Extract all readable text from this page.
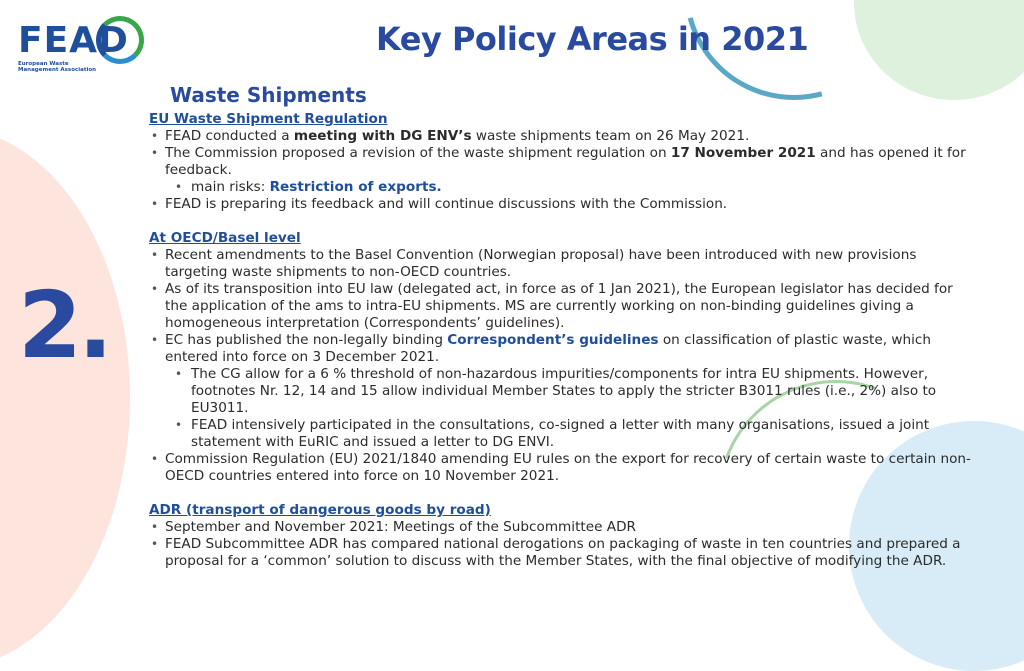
FEAD
European Waste
Management Association
Key Policy Areas in 2021
2.
Waste Shipments

EU Waste Shipment Regulation

• FEAD conducted a meeting with DG ENV’s waste shipments team on 26 May 2021.
• The Commission proposed a revision of the waste shipment regulation on 17 November 2021 and has opened it for feedback.
• main risks: Restriction of exports.
• FEAD is preparing its feedback and will continue discussions with the Commission.

At OECD/Basel level

• Recent amendments to the Basel Convention (Norwegian proposal) have been introduced with new provisions targeting waste shipments to non-OECD countries.
• As of its transposition into EU law (delegated act, in force as of 1 Jan 2021), the European legislator has decided for the application of the ams to intra-EU shipments. MS are currently working on non-binding guidelines giving a homogeneous interpretation (Correspondents’ guidelines).
• EC has published the non-legally binding Correspondent’s guidelines on classification of plastic waste, which entered into force on 3 December 2021.
• The CG allow for a 6 % threshold of non-hazardous impurities/components for intra EU shipments. However, footnotes Nr. 12, 14 and 15 allow individual Member States to apply the stricter B3011 rules (i.e., 2%) also to EU3011.
• FEAD intensively participated in the consultations, co-signed a letter with many organisations, issued a joint statement with EuRIC and issued a letter to DG ENVI.
• Commission Regulation (EU) 2021/1840 amending EU rules on the export for recovery of certain waste to certain non-OECD countries entered into force on 10 November 2021.

ADR (transport of dangerous goods by road)

• September and November 2021: Meetings of the Subcommittee ADR
• FEAD Subcommittee ADR has compared national derogations on packaging of waste in ten countries and prepared a proposal for a ‘common’ solution to discuss with the Member States, with the final objective of modifying the ADR.
